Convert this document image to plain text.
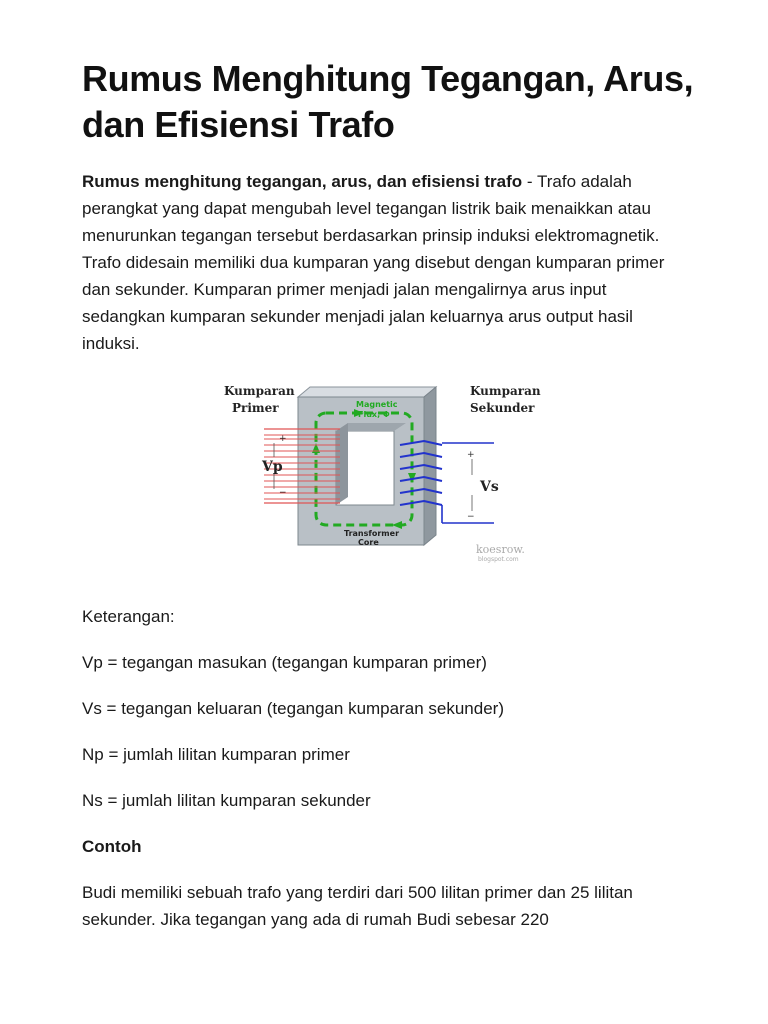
Rumus Menghitung Tegangan, Arus, dan Efisiensi Trafo

Rumus menghitung tegangan, arus, dan efisiensi trafo - Trafo adalah perangkat yang dapat mengubah level tegangan listrik baik menaikkan atau menurunkan tegangan tersebut berdasarkan prinsip induksi elektromagnetik. Trafo didesain memiliki dua kumparan yang disebut dengan kumparan primer dan sekunder. Kumparan primer menjadi jalan mengalirnya arus input sedangkan kumparan sekunder menjadi jalan keluarnya arus output hasil induksi.

Kumparan
Primer
Kumparan
Sekunder
Magnetic
Flux, Φ
+
−
Vp
+
−
Vs
Transformer
Core
koesrow.
blogspot.com

Keterangan:

Vp = tegangan masukan (tegangan kumparan primer)

Vs = tegangan keluaran (tegangan kumparan sekunder)

Np = jumlah lilitan kumparan primer

Ns = jumlah lilitan kumparan sekunder

Contoh

Budi memiliki sebuah trafo yang terdiri dari 500 lilitan primer dan 25 lilitan sekunder. Jika tegangan yang ada di rumah Budi sebesar 220
